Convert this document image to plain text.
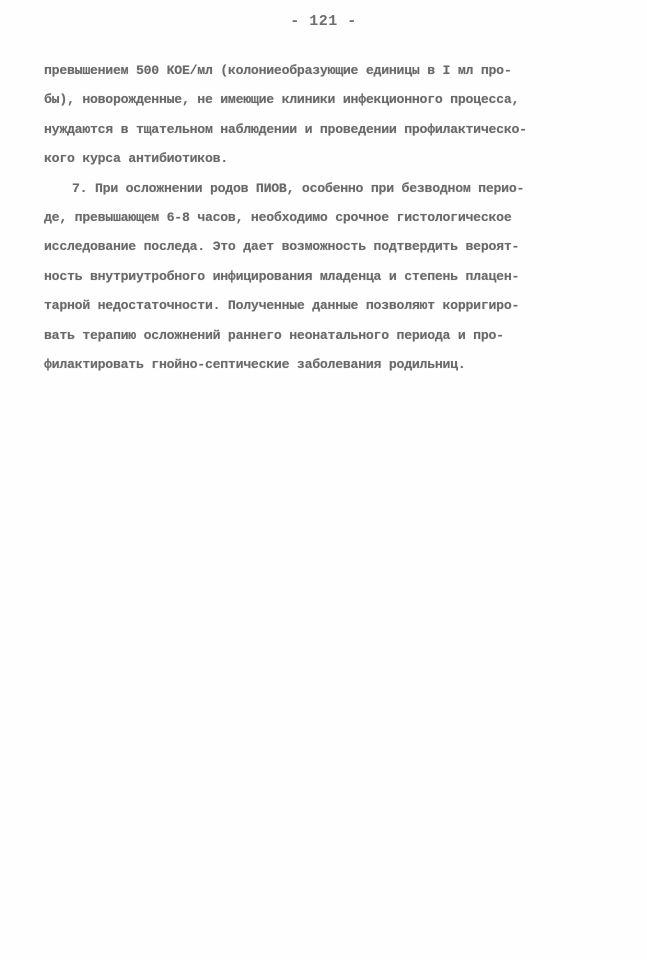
- 121 -
превышением 500 КОЕ/мл (колониеобразующие единицы в I мл про-
бы), новорожденные, не имеющие клиники инфекционного процесса,
нуждаются в тщательном наблюдении и проведении профилактическо-
кого курса антибиотиков.
7. При осложнении родов ПИОВ, особенно при безводном перио-
де, превышающем 6-8 часов, необходимо срочное гистологическое
исследование последа. Это дает возможность подтвердить вероят-
ность внутриутробного инфицирования младенца и степень плацен-
тарной недостаточности. Полученные данные позволяют корригиро-
вать терапию осложнений раннего неонатального периода и про-
филактировать гнойно-септические заболевания родильниц.
